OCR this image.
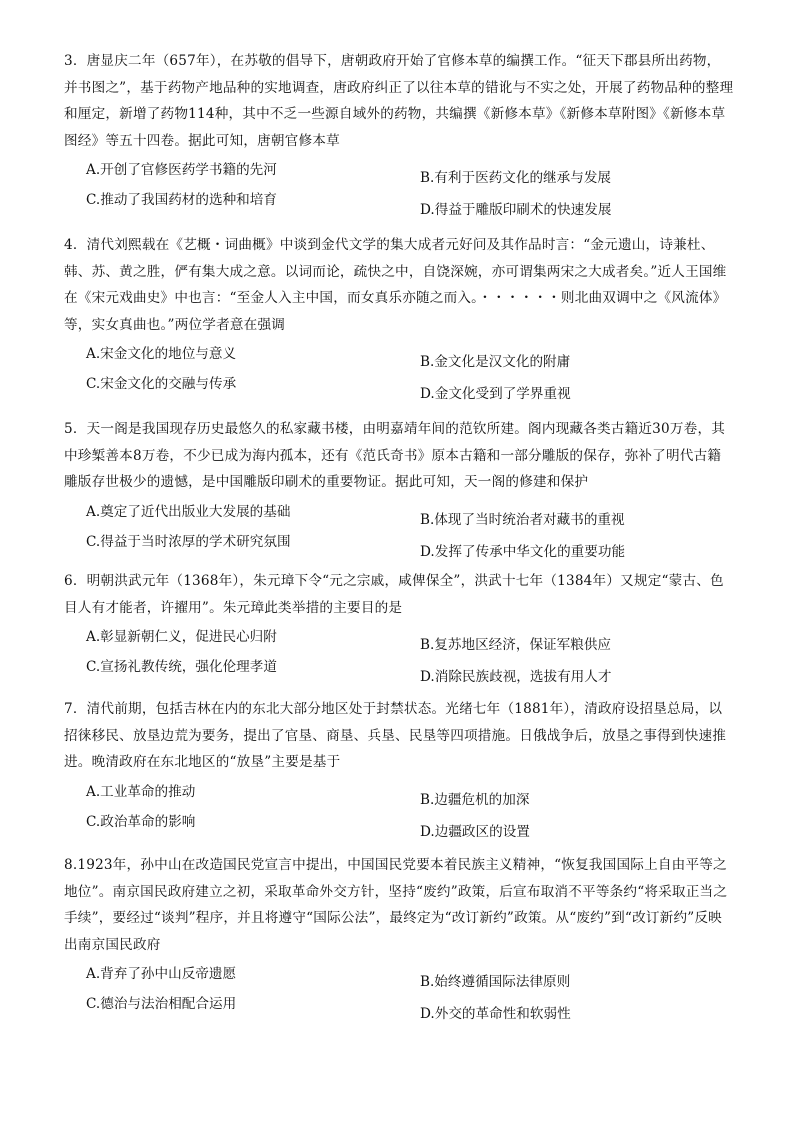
3．唐显庆二年（657年），在苏敬的倡导下，唐朝政府开始了官修本草的编撰工作。“征天下郡县所出药物，并书图之”，基于药物产地品种的实地调查，唐政府纠正了以往本草的错讹与不实之处，开展了药物品种的整理和厘定，新增了药物114种，其中不乏一些源自域外的药物，共编撰《新修本草》《新修本草附图》《新修本草图经》等五十四卷。据此可知，唐朝官修本草

A.开创了官修医药学书籍的先河	B.有利于医药文化的继承与发展
C.推动了我国药材的选种和培育
D.得益于雕版印刷术的快速发展

4．清代刘熙载在《艺概・词曲概》中谈到金代文学的集大成者元好问及其作品时言：“金元遗山，诗兼杜、韩、苏、黄之胜，俨有集大成之意。以词而论，疏快之中，自饶深婉，亦可谓集两宋之大成者矣。”近人王国维在《宋元戏曲史》中也言：“至金人入主中国，而女真乐亦随之而入。・・・・・・则北曲双调中之《风流体》等，实女真曲也。”两位学者意在强调

A.宋金文化的地位与意义	B.金文化是汉文化的附庸
C.宋金文化的交融与传承
D.金文化受到了学界重视

5．天一阁是我国现存历史最悠久的私家藏书楼，由明嘉靖年间的范钦所建。阁内现藏各类古籍近30万卷，其中珍椠善本8万卷，不少已成为海内孤本，还有《范氏奇书》原本古籍和一部分雕版的保存，弥补了明代古籍雕版存世极少的遗憾，是中国雕版印刷术的重要物证。据此可知，天一阁的修建和保护

A.奠定了近代出版业大发展的基础	B.体现了当时统治者对藏书的重视
C.得益于当时浓厚的学术研究氛围
D.发挥了传承中华文化的重要功能

6．明朝洪武元年（1368年），朱元璋下令“元之宗戚，咸俾保全”，洪武十七年（1384年）又规定“蒙古、色目人有才能者，许擢用”。朱元璋此类举措的主要目的是

A.彰显新朝仁义，促进民心归附	B.复苏地区经济，保证军粮供应
C.宣扬礼教传统，强化伦理孝道
D.消除民族歧视，选拔有用人才

7．清代前期，包括吉林在内的东北大部分地区处于封禁状态。光绪七年（1881年），清政府设招垦总局，以招徕移民、放垦边荒为要务，提出了官垦、商垦、兵垦、民垦等四项措施。日俄战争后，放垦之事得到快速推进。晚清政府在东北地区的“放垦”主要是基于

A.工业革命的推动	B.边疆危机的加深
C.政治革命的影响
D.边疆政区的设置

8.1923年，孙中山在改造国民党宣言中提出，中国国民党要本着民族主义精神，“恢复我国国际上自由平等之地位”。南京国民政府建立之初，采取革命外交方针，坚持“废约”政策，后宣布取消不平等条约“将采取正当之手续”，要经过“谈判”程序，并且将遵守“国际公法”，最终定为“改订新约”政策。从“废约”到“改订新约”反映出南京国民政府

A.背弃了孙中山反帝遗愿	B.始终遵循国际法律原则
C.德治与法治相配合运用
D.外交的革命性和软弱性
